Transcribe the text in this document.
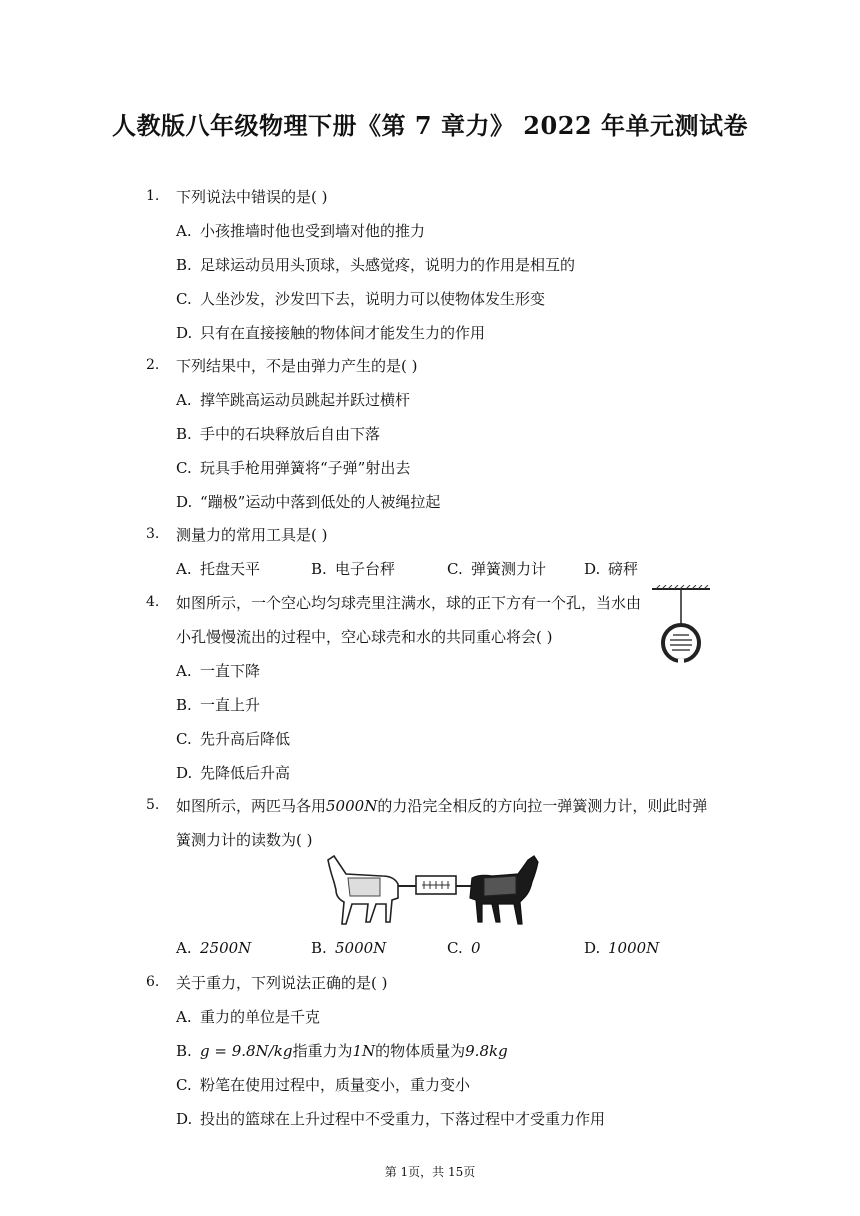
人教版八年级物理下册《第 7 章力》 2022 年单元测试卷
1. 下列说法中错误的是( )
A. 小孩推墙时他也受到墙对他的推力
B. 足球运动员用头顶球，头感觉疼，说明力的作用是相互的
C. 人坐沙发，沙发凹下去，说明力可以使物体发生形变
D. 只有在直接接触的物体间才能发生力的作用
2. 下列结果中，不是由弹力产生的是( )
A. 撑竿跳高运动员跳起并跃过横杆
B. 手中的石块释放后自由下落
C. 玩具手枪用弹簧将“子弹”射出去
D. “蹦极”运动中落到低处的人被绳拉起
3. 测量力的常用工具是( )
A. 托盘天平	B. 电子台秤	C. 弹簧测力计	D. 磅秤
4. 如图所示，一个空心均匀球壳里注满水，球的正下方有一个孔，当水由
小孔慢慢流出的过程中，空心球壳和水的共同重心将会( )
A. 一直下降
B. 一直上升
C. 先升高后降低
D. 先降低后升高
5. 如图所示，两匹马各用5000N的力沿完全相反的方向拉一弹簧测力计，则此时弹
簧测力计的读数为( )
A. 2500N	B. 5000N	C. 0	D. 1000N
6. 关于重力，下列说法正确的是( )
A. 重力的单位是千克
B. g = 9.8N/kg指重力为1N的物体质量为9.8kg
C. 粉笔在使用过程中，质量变小，重力变小
D. 投出的篮球在上升过程中不受重力，下落过程中才受重力作用
第 1页，共 15页
